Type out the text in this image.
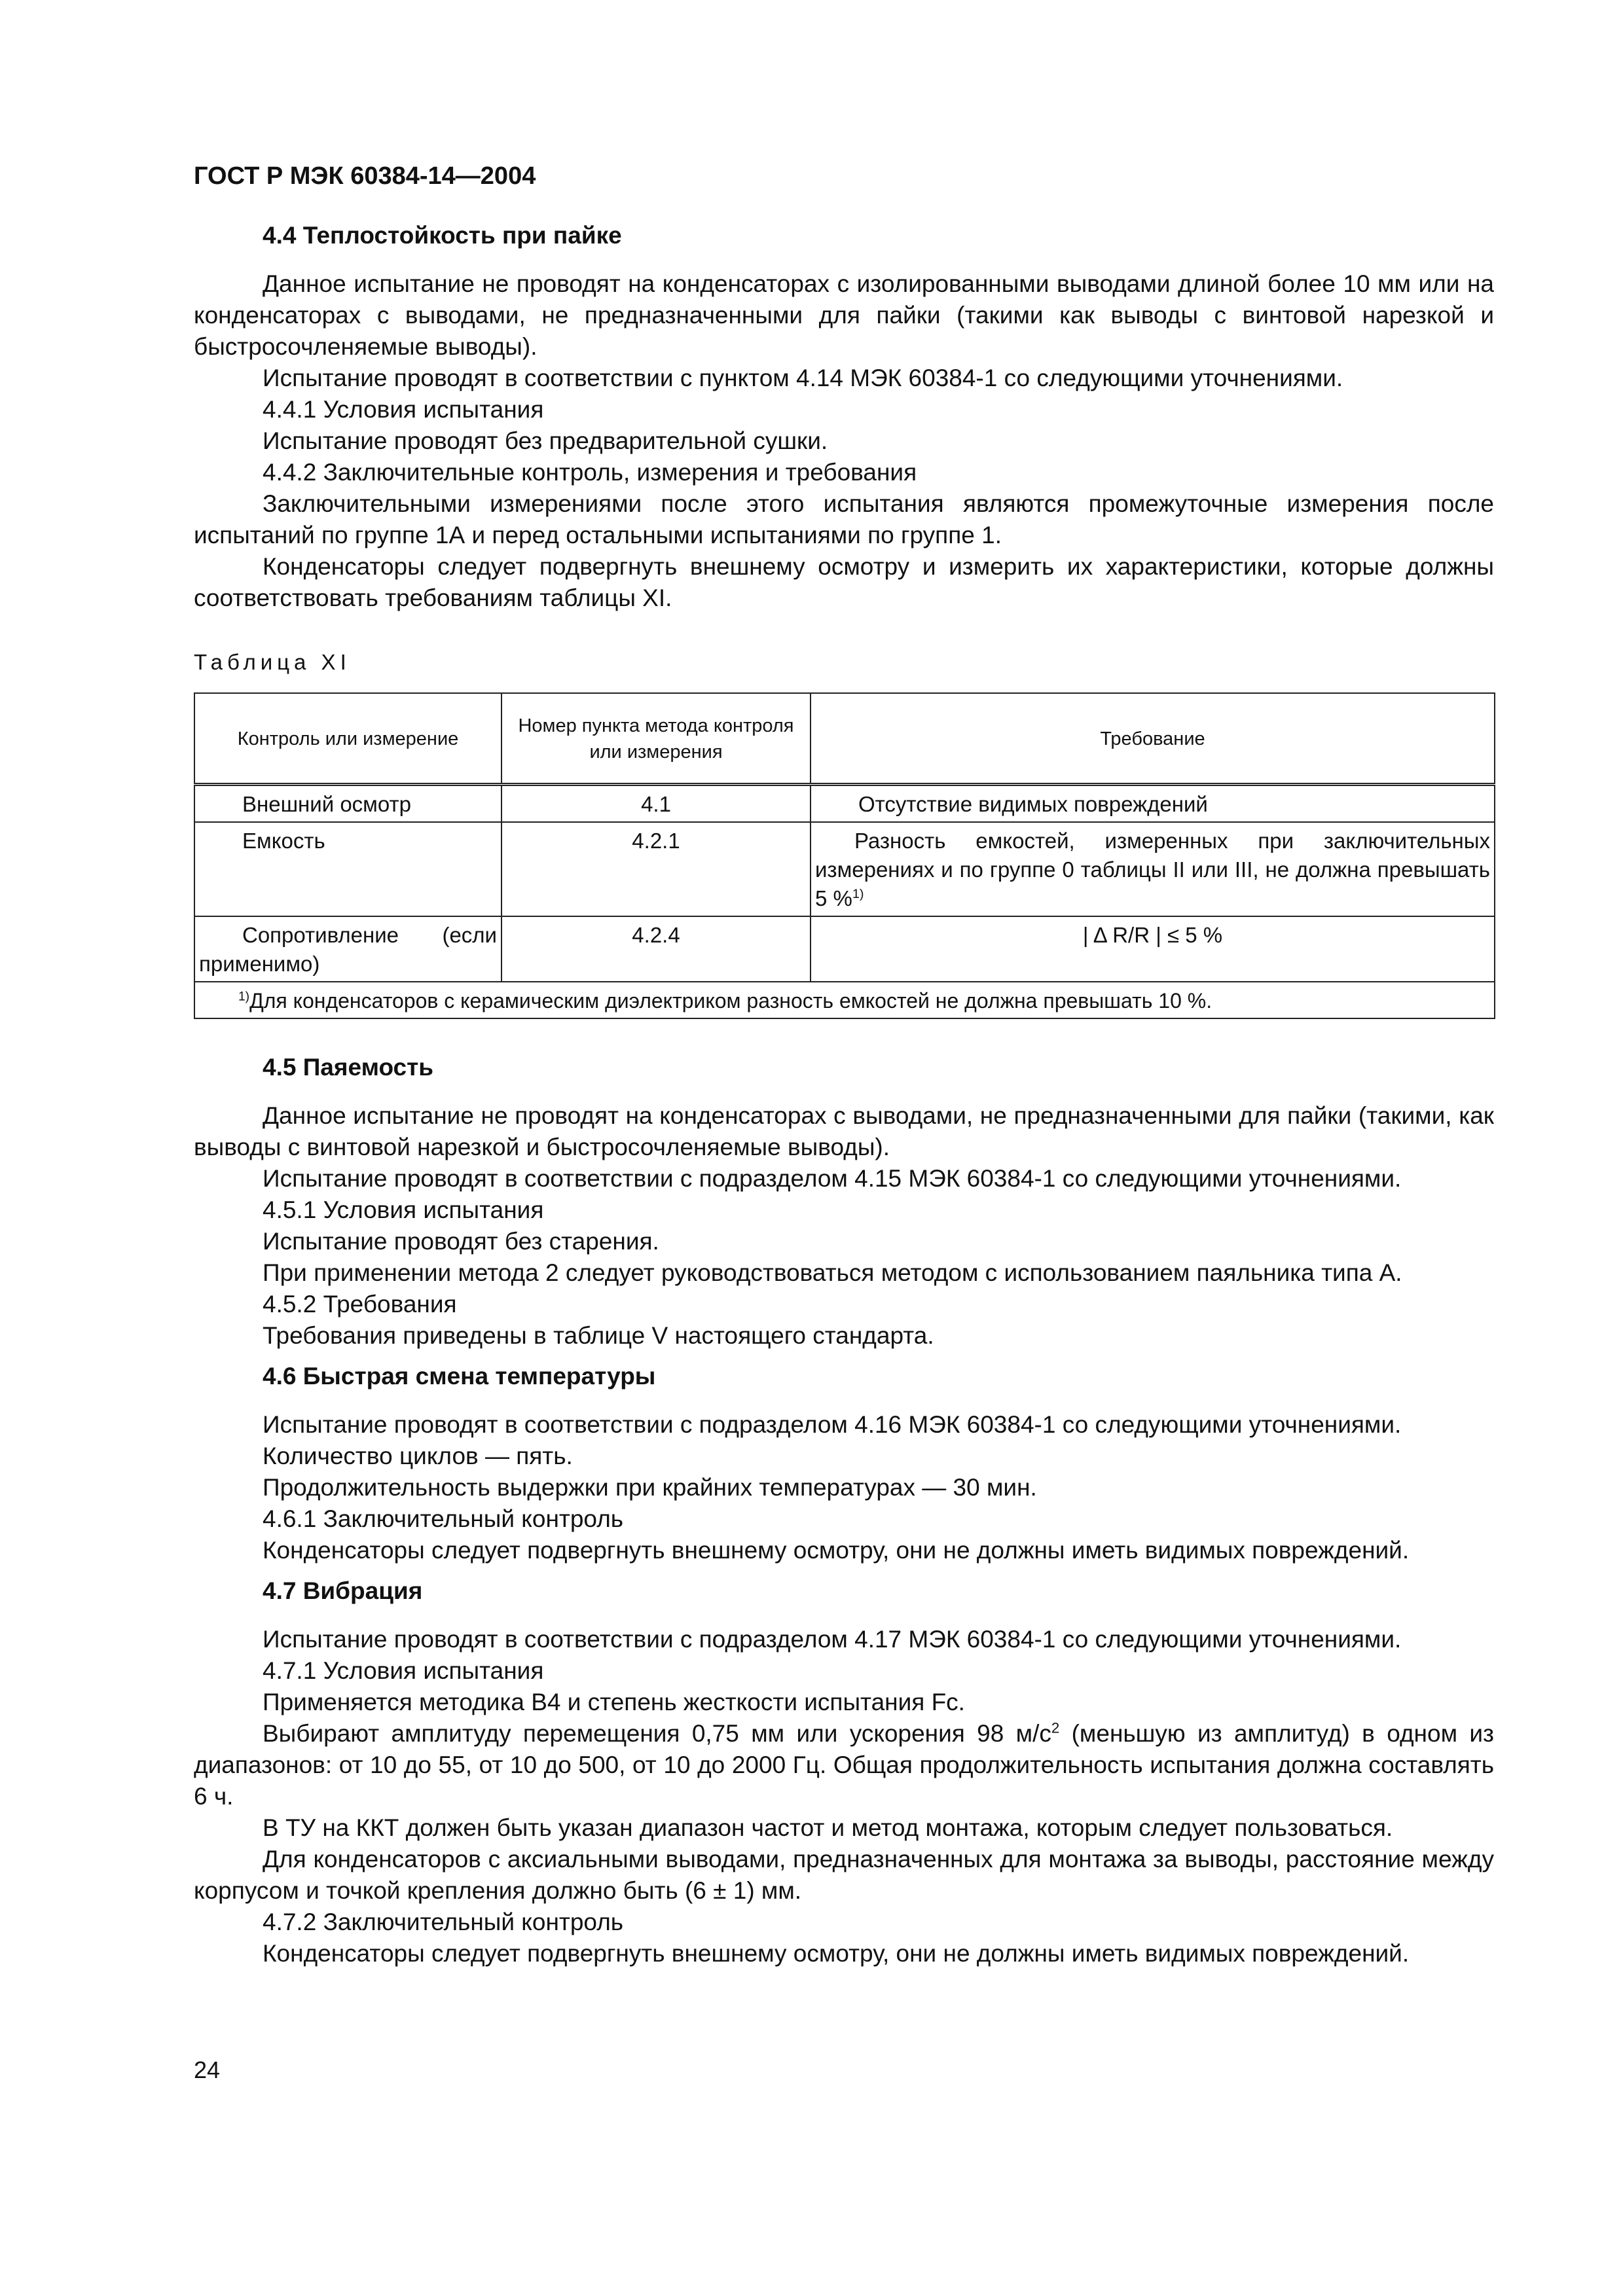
ГОСТ Р МЭК 60384-14—2004

4.4 Теплостойкость при пайке

Данное испытание не проводят на конденсаторах с изолированными выводами длиной более 10 мм или на конденсаторах с выводами, не предназначенными для пайки (такими как выводы с винтовой нарезкой и быстросочленяемые выводы).

Испытание проводят в соответствии с пунктом 4.14 МЭК 60384-1 со следующими уточнениями.

4.4.1 Условия испытания

Испытание проводят без предварительной сушки.

4.4.2 Заключительные контроль, измерения и требования

Заключительными измерениями после этого испытания являются промежуточные измерения после испытаний по группе 1А и перед остальными испытаниями по группе 1.

Конденсаторы следует подвергнуть внешнему осмотру и измерить их характеристики, которые должны соответствовать требованиям таблицы XI.

Таблица XI

Контроль или измерение	Номер пункта метода контроля или измерения	Требование

Внешний осмотр	4.1	Отсутствие видимых повреждений

Емкость	4.2.1	Разность емкостей, измеренных при заключительных измерениях и по группе 0 таблицы II или III, не должна превышать 5 %$^{1)}$

Сопротивление (если применимо)	4.2.4	| Δ R/R | ≤ 5 %
$^{1)}$Для конденсаторов с керамическим диэлектриком разность емкостей не должна превышать 10 %.		

4.5 Паяемость

Данное испытание не проводят на конденсаторах с выводами, не предназначенными для пайки (такими, как выводы с винтовой нарезкой и быстросочленяемые выводы).

Испытание проводят в соответствии с подразделом 4.15 МЭК 60384-1 со следующими уточнениями.

4.5.1 Условия испытания

Испытание проводят без старения.

При применении метода 2 следует руководствоваться методом с использованием паяльника типа А.

4.5.2 Требования

Требования приведены в таблице V настоящего стандарта.

4.6 Быстрая смена температуры

Испытание проводят в соответствии с подразделом 4.16 МЭК 60384-1 со следующими уточнениями.

Количество циклов — пять.

Продолжительность выдержки при крайних температурах — 30 мин.

4.6.1 Заключительный контроль

Конденсаторы следует подвергнуть внешнему осмотру, они не должны иметь видимых повреждений.

4.7 Вибрация

Испытание проводят в соответствии с подразделом 4.17 МЭК 60384-1 со следующими уточнениями.

4.7.1 Условия испытания

Применяется методика В4 и степень жесткости испытания Fc.

Выбирают амплитуду перемещения 0,75 мм или ускорения 98 $м/с^2$ (меньшую из амплитуд) в одном из диапазонов: от 10 до 55, от 10 до 500, от 10 до 2000 Гц. Общая продолжительность испытания должна составлять 6 ч.

В ТУ на ККТ должен быть указан диапазон частот и метод монтажа, которым следует пользоваться.

Для конденсаторов с аксиальными выводами, предназначенных для монтажа за выводы, расстояние между корпусом и точкой крепления должно быть (6 ± 1) мм.

4.7.2 Заключительный контроль

Конденсаторы следует подвергнуть внешнему осмотру, они не должны иметь видимых повреждений.

24
